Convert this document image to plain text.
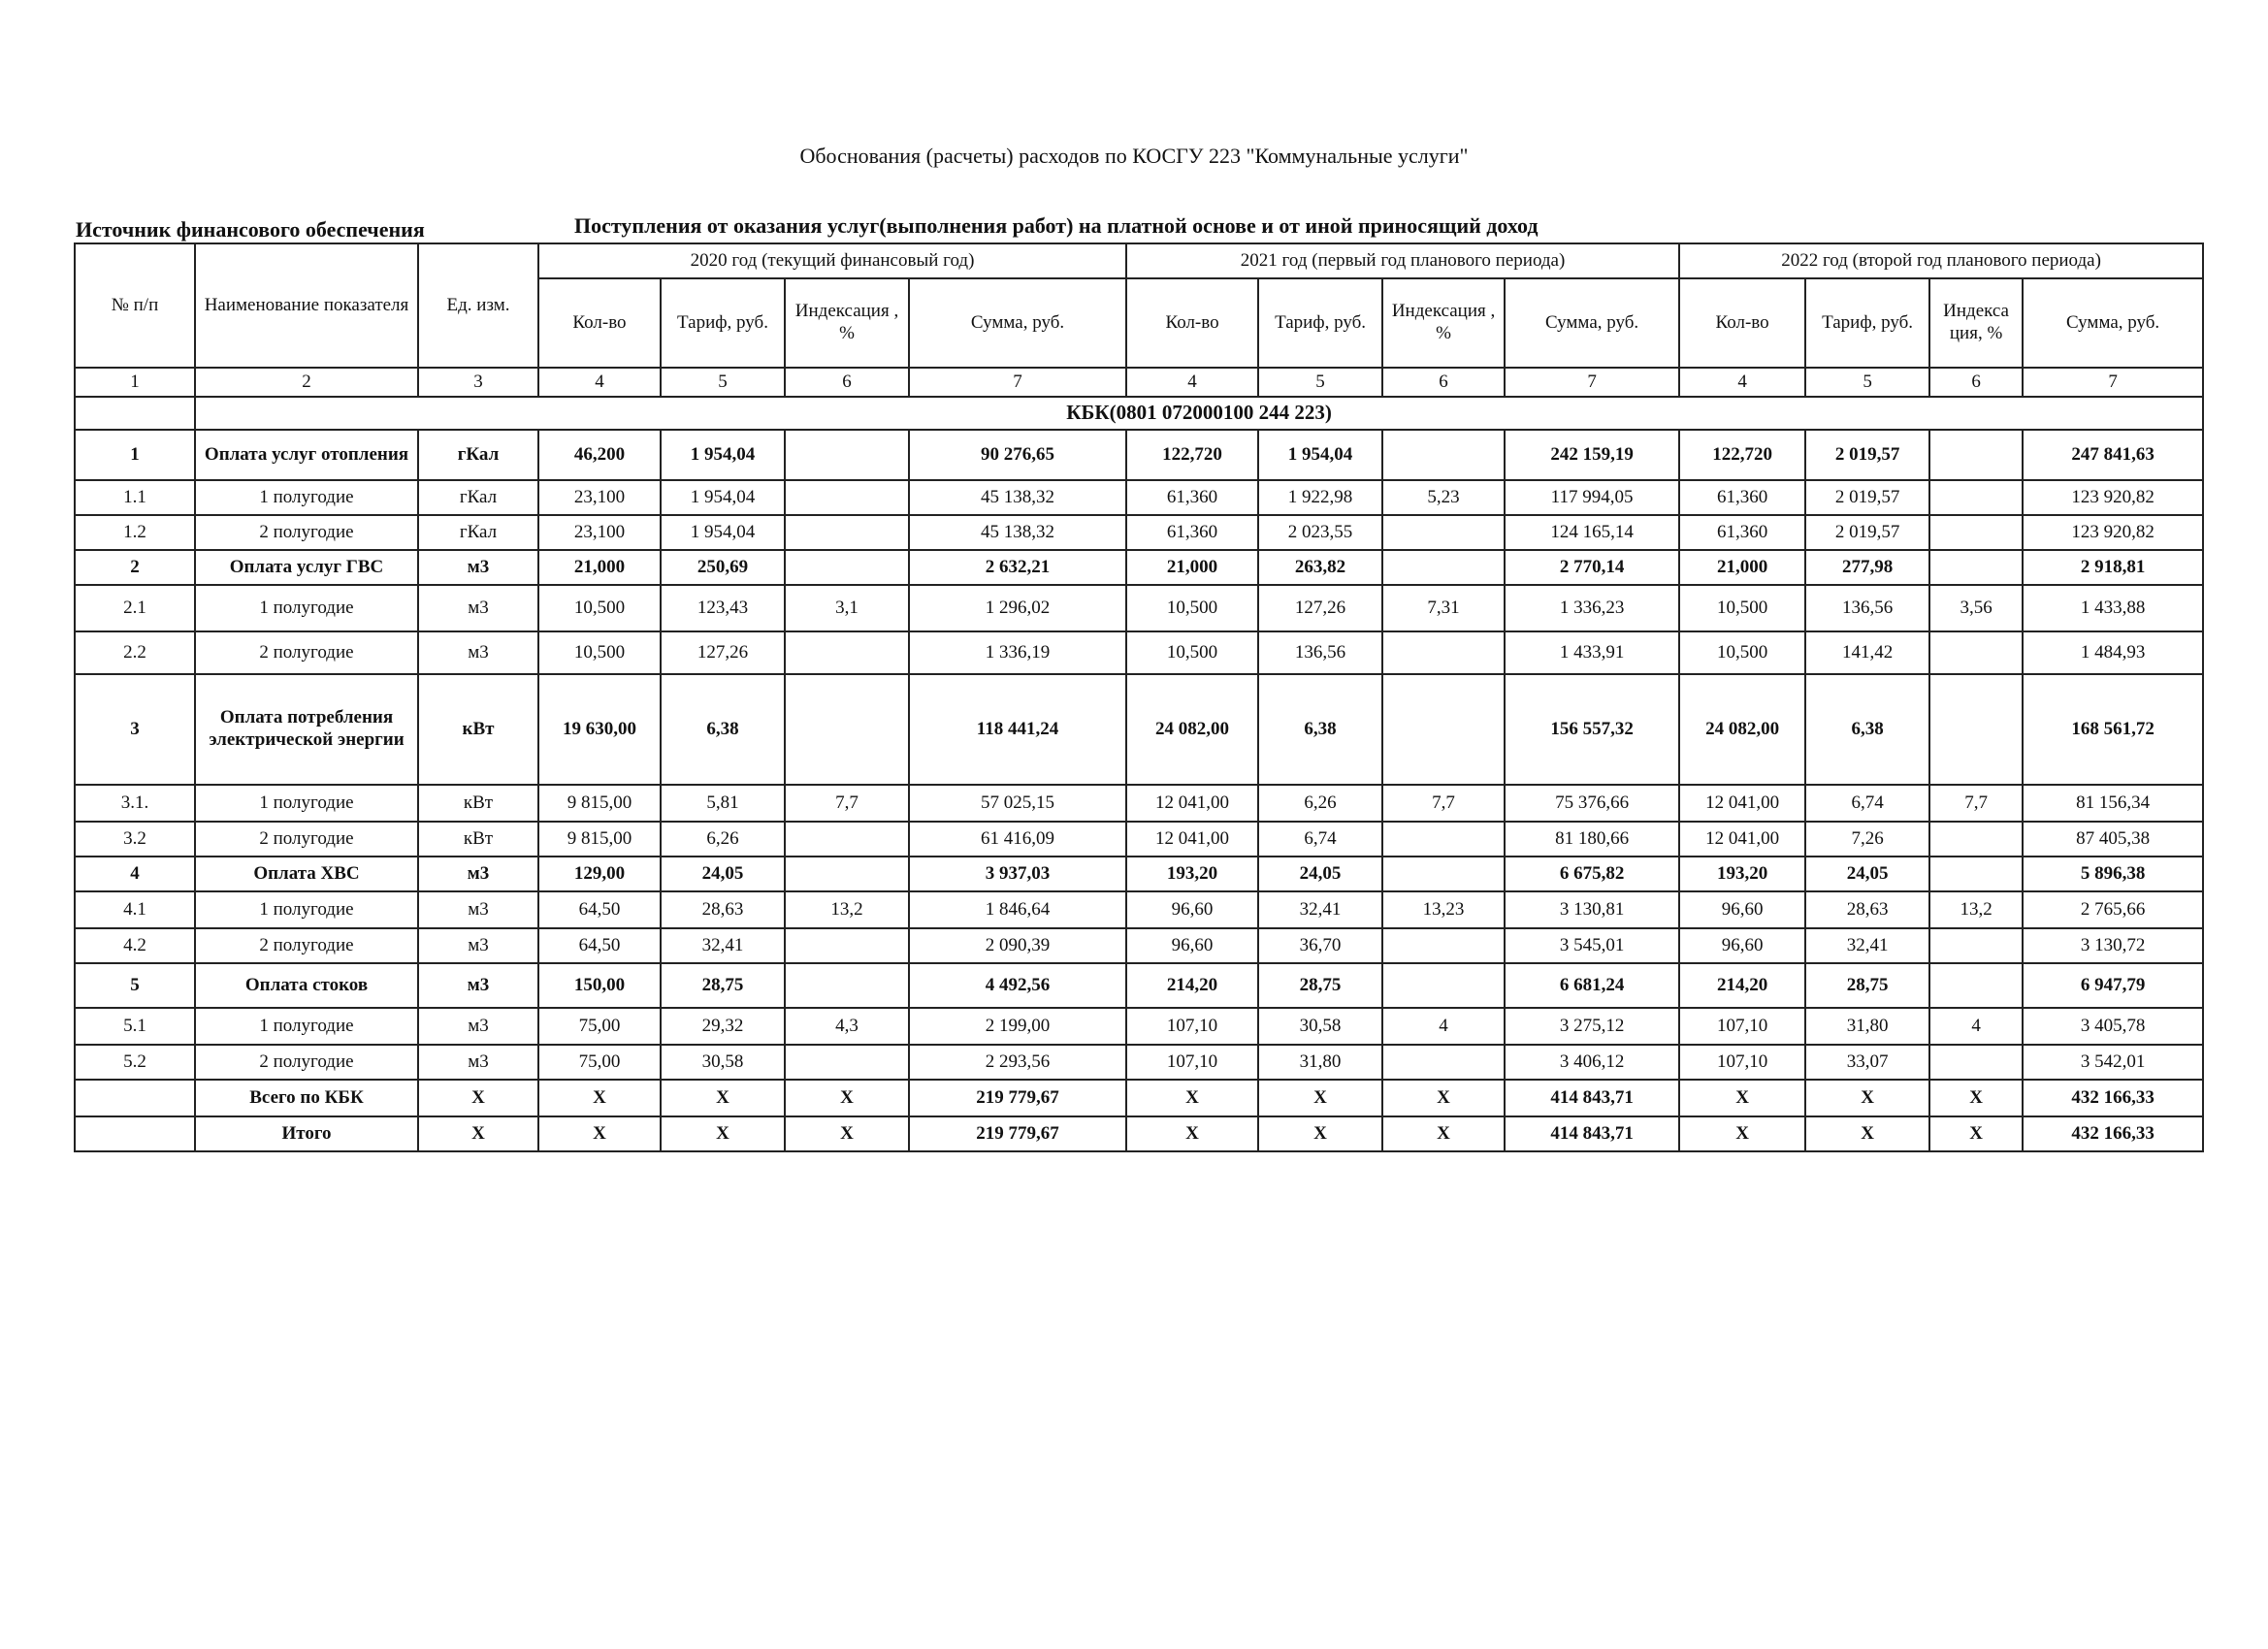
Обоснования (расчеты) расходов по КОСГУ 223 "Коммунальные услуги"
Источник финансового обеспечения	Поступления от оказания услуг(выполнения работ) на платной основе и от иной приносящий доход
№ п/п	Наименование показателя	Ед. изм.	2020 год (текущий финансовый год)				2021 год (первый год планового периода)				2022 год (второй год планового периода)			
			Кол-во	Тариф, руб.	Индексация , %	Сумма, руб.	Кол-во	Тариф, руб.	Индексация , %	Сумма, руб.	Кол-во	Тариф, руб.	Индекса ция, %	Сумма, руб.
1	2	3	4	5	6	7	4	5	6	7	4	5	6	7
	КБК(0801 072000100 244 223)													
1	Оплата услуг отопления	гКал	46,200	1 954,04		90 276,65	122,720	1 954,04		242 159,19	122,720	2 019,57		247 841,63
1.1	1 полугодие	гКал	23,100	1 954,04		45 138,32	61,360	1 922,98	5,23	117 994,05	61,360	2 019,57		123 920,82
1.2	2 полугодие	гКал	23,100	1 954,04		45 138,32	61,360	2 023,55		124 165,14	61,360	2 019,57		123 920,82
2	Оплата услуг ГВС	м3	21,000	250,69		2 632,21	21,000	263,82		2 770,14	21,000	277,98		2 918,81
2.1	1 полугодие	м3	10,500	123,43	3,1	1 296,02	10,500	127,26	7,31	1 336,23	10,500	136,56	3,56	1 433,88
2.2	2 полугодие	м3	10,500	127,26		1 336,19	10,500	136,56		1 433,91	10,500	141,42		1 484,93
3	Оплата потребления электрической энергии	кВт	19 630,00	6,38		118 441,24	24 082,00	6,38		156 557,32	24 082,00	6,38		168 561,72
3.1.	1 полугодие	кВт	9 815,00	5,81	7,7	57 025,15	12 041,00	6,26	7,7	75 376,66	12 041,00	6,74	7,7	81 156,34
3.2	2 полугодие	кВт	9 815,00	6,26		61 416,09	12 041,00	6,74		81 180,66	12 041,00	7,26		87 405,38
4	Оплата ХВС	м3	129,00	24,05		3 937,03	193,20	24,05		6 675,82	193,20	24,05		5 896,38
4.1	1 полугодие	м3	64,50	28,63	13,2	1 846,64	96,60	32,41	13,23	3 130,81	96,60	28,63	13,2	2 765,66
4.2	2 полугодие	м3	64,50	32,41		2 090,39	96,60	36,70		3 545,01	96,60	32,41		3 130,72
5	Оплата стоков	м3	150,00	28,75		4 492,56	214,20	28,75		6 681,24	214,20	28,75		6 947,79
5.1	1 полугодие	м3	75,00	29,32	4,3	2 199,00	107,10	30,58	4	3 275,12	107,10	31,80	4	3 405,78
5.2	2 полугодие	м3	75,00	30,58		2 293,56	107,10	31,80		3 406,12	107,10	33,07		3 542,01
	Всего по КБК	Х	Х	Х	Х	219 779,67	Х	Х	Х	414 843,71	Х	Х	Х	432 166,33
	Итого	Х	Х	Х	Х	219 779,67	Х	Х	Х	414 843,71	Х	Х	Х	432 166,33
